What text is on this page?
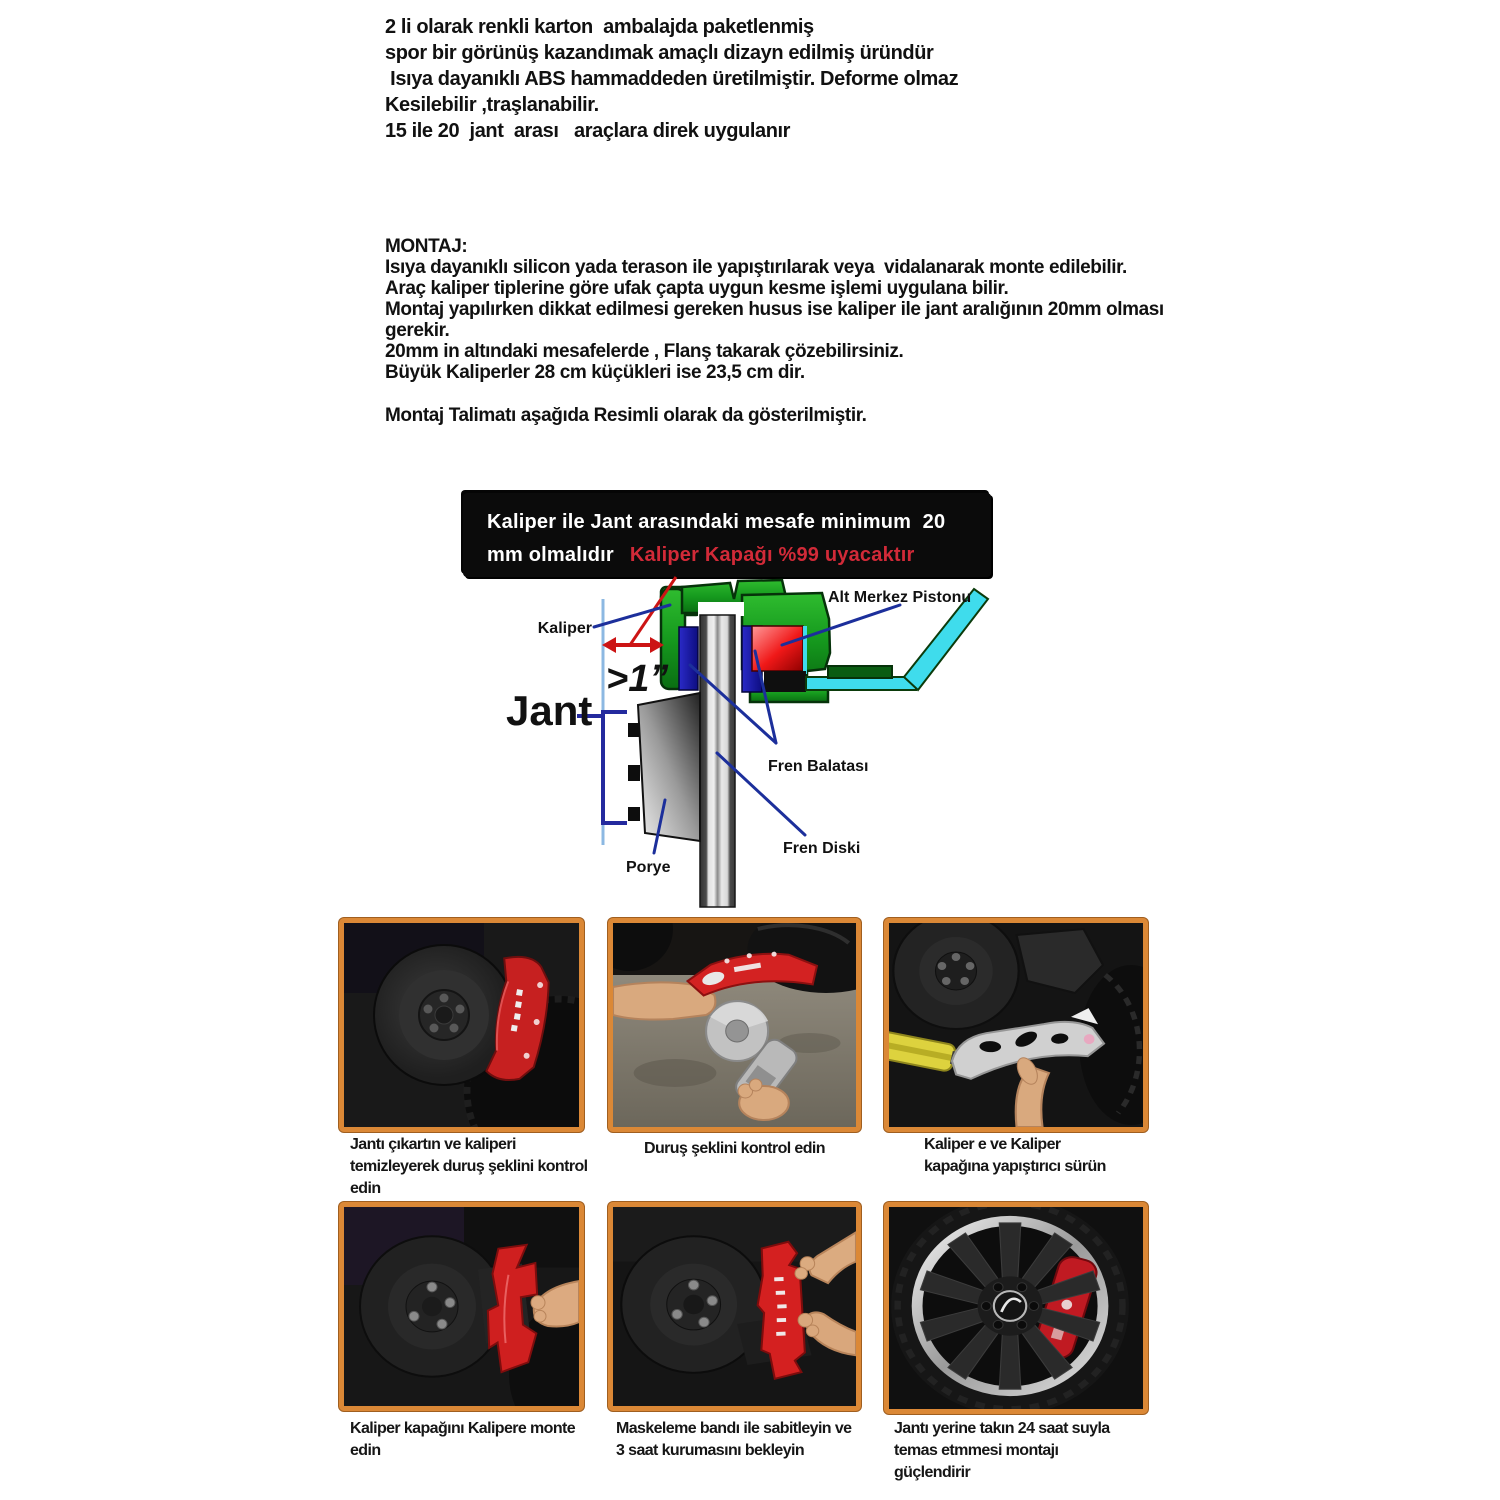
2 li olarak renkli karton  ambalajda paketlenmiş
spor bir görünüş kazandımak amaçlı dizayn edilmiş üründür
Isıya dayanıklı ABS hammaddeden üretilmiştir. Deforme olmaz
Kesilebilir ,traşlanabilir.
15 ile 20  jant  arası   araçlara direk uygulanır
MONTAJ:
Isıya dayanıklı silicon yada terason ile yapıştırılarak veya  vidalanarak monte edilebilir.
Araç kaliper tiplerine göre ufak çapta uygun kesme işlemi uygulana bilir.
Montaj yapılırken dikkat edilmesi gereken husus ise kaliper ile jant aralığının 20mm olması
gerekir.
20mm in altındaki mesafelerde , Flanş takarak çözebilirsiniz.
Büyük Kaliperler 28 cm küçükleri ise 23,5 cm dir.
Montaj Talimatı aşağıda Resimli olarak da gösterilmiştir.
Kaliper ile Jant arasındaki mesafe minimum  20
mm olmalıdır Kaliper Kapağı %99 uyacaktır
>1”
Kaliper
Alt Merkez Pistonu
Jant
Fren Balatası
Fren Diski
Porye
Jantı çıkartın ve kaliperi
temizleyerek duruş şeklini kontrol
edin
Duruş şeklini kontrol edin	Kaliper e ve Kaliper
kapağına yapıştırıcı sürün
Kaliper kapağını Kalipere monte
edin
Maskeleme bandı ile sabitleyin ve
3 saat kurumasını bekleyin
Jantı yerine takın 24 saat suyla
temas etmmesi montajı
güçlendirir
